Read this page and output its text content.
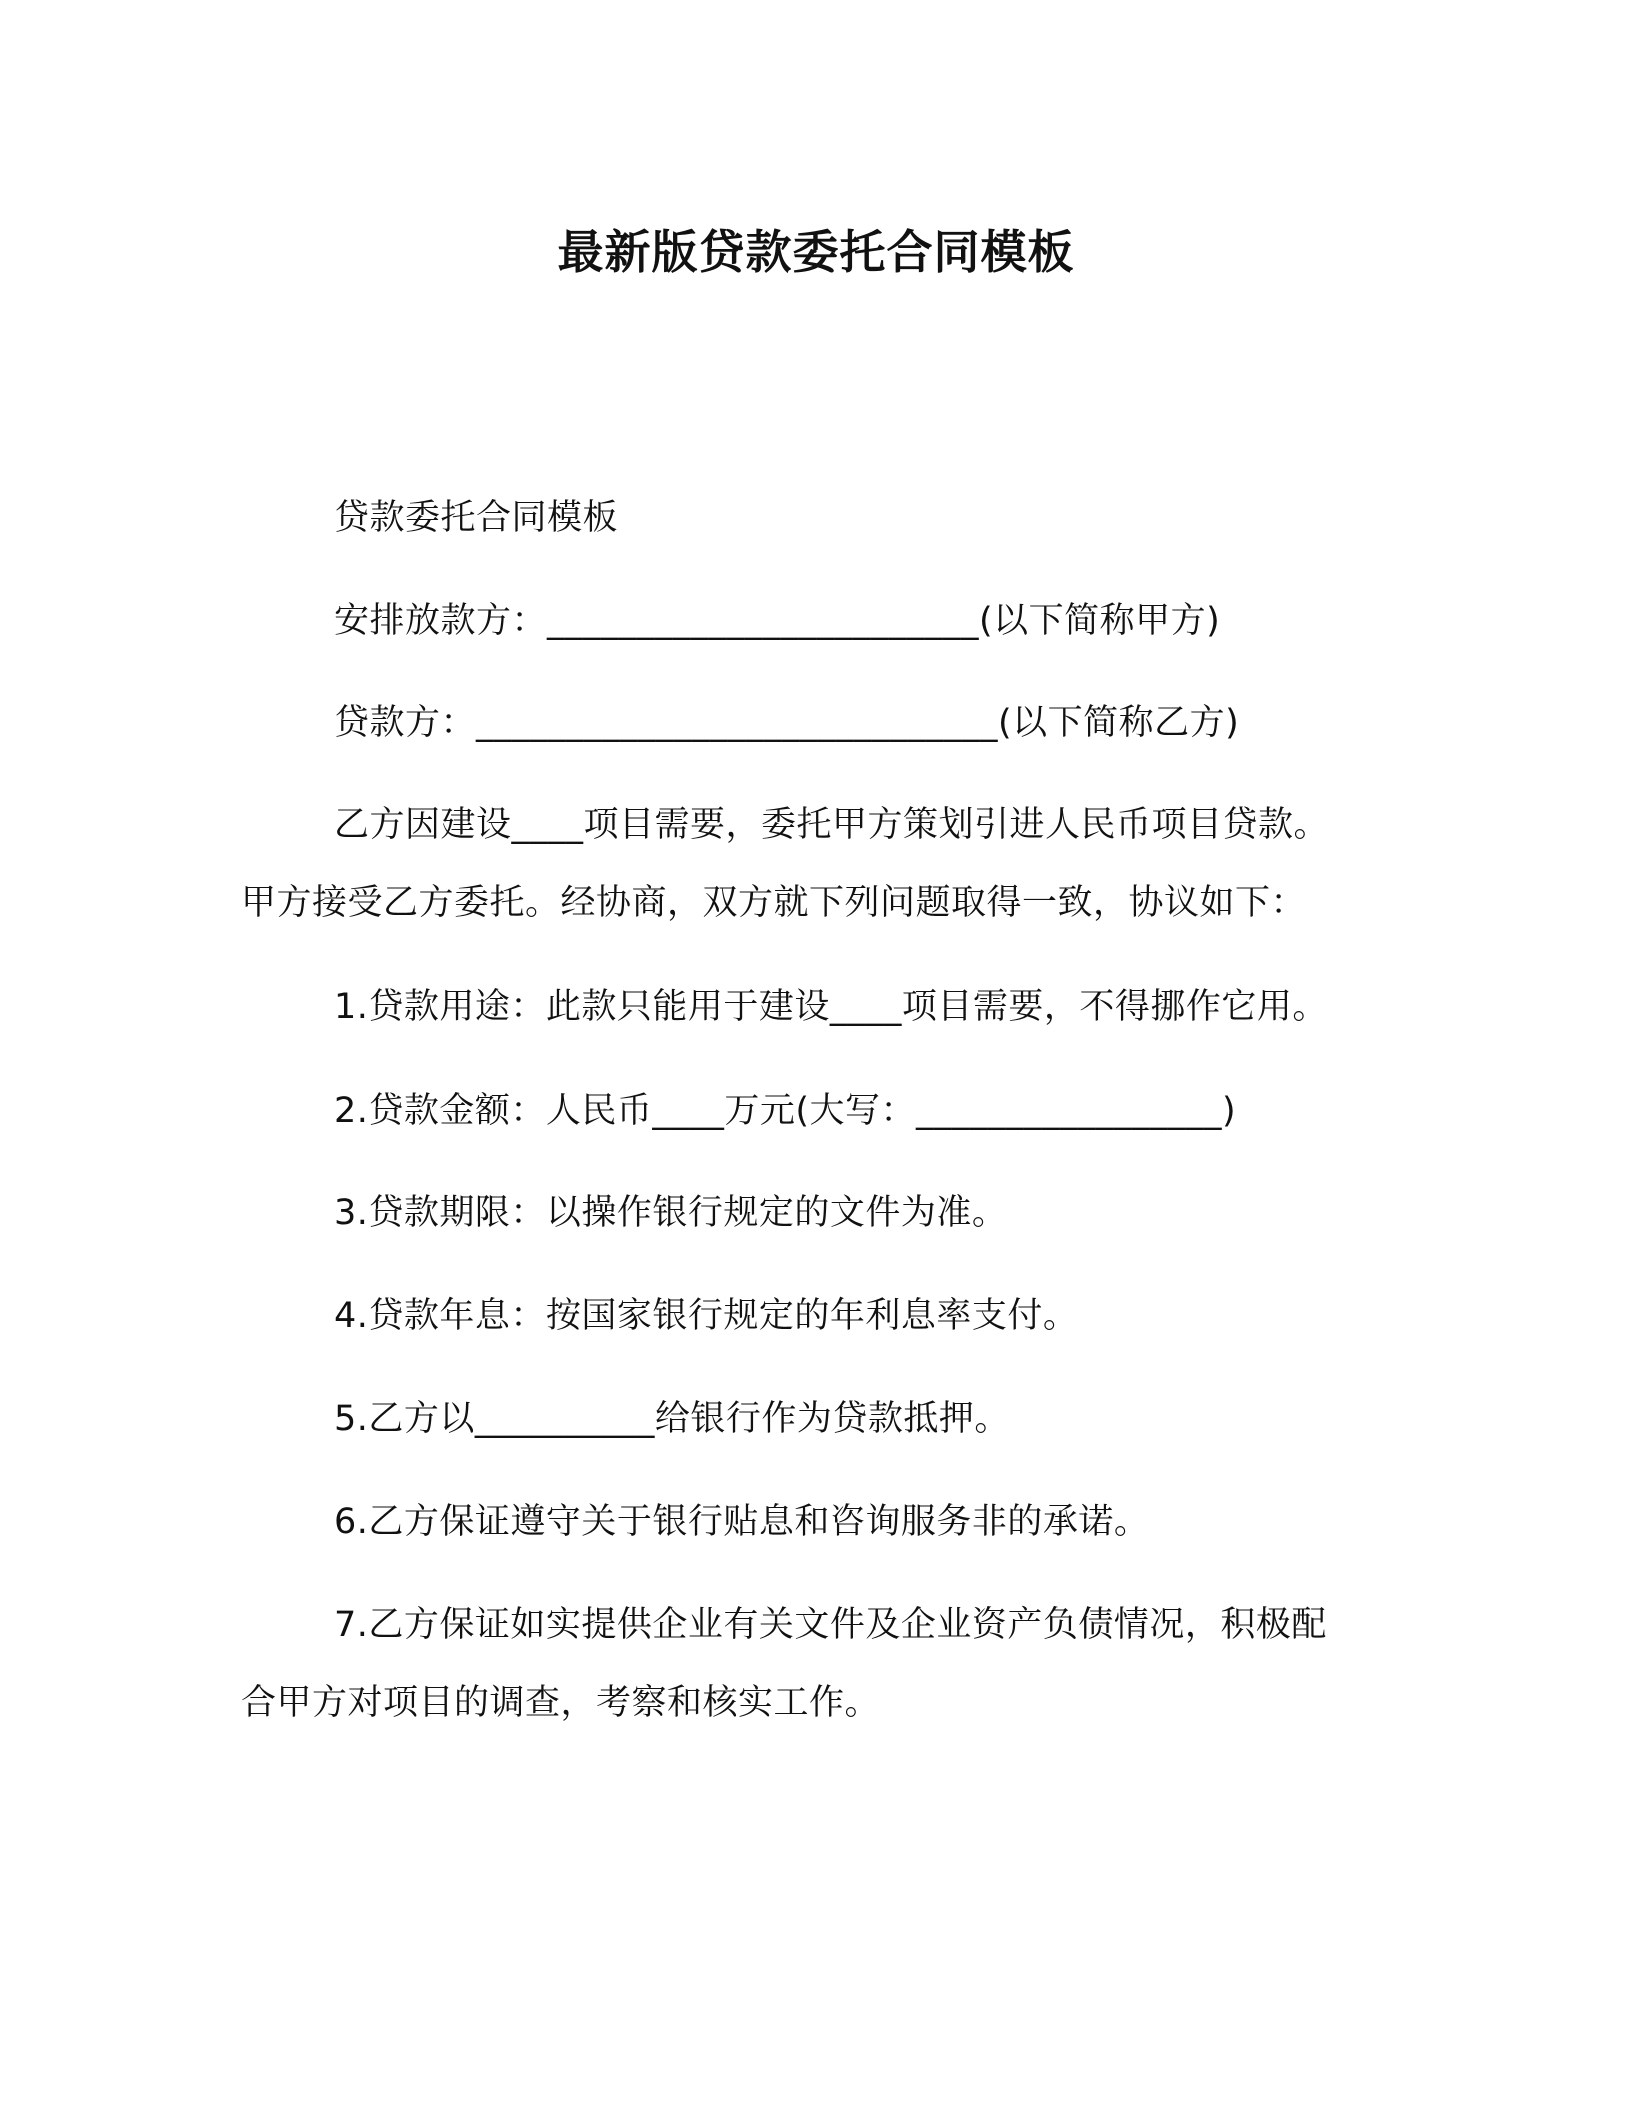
最新版贷款委托合同模板
贷款委托合同模板
安排放款方：________________________(以下简称甲方)
贷款方：_____________________________(以下简称乙方)
乙方因建设____项目需要，委托甲方策划引进人民币项目贷款。
甲方接受乙方委托。经协商，双方就下列问题取得一致，协议如下：
1.贷款用途：此款只能用于建设____项目需要，不得挪作它用。
2.贷款金额：人民币____万元(大写：_________________)
3.贷款期限：以操作银行规定的文件为准。
4.贷款年息：按国家银行规定的年利息率支付。
5.乙方以__________给银行作为贷款抵押。
6.乙方保证遵守关于银行贴息和咨询服务非的承诺。
7.乙方保证如实提供企业有关文件及企业资产负债情况，积极配
合甲方对项目的调查，考察和核实工作。
